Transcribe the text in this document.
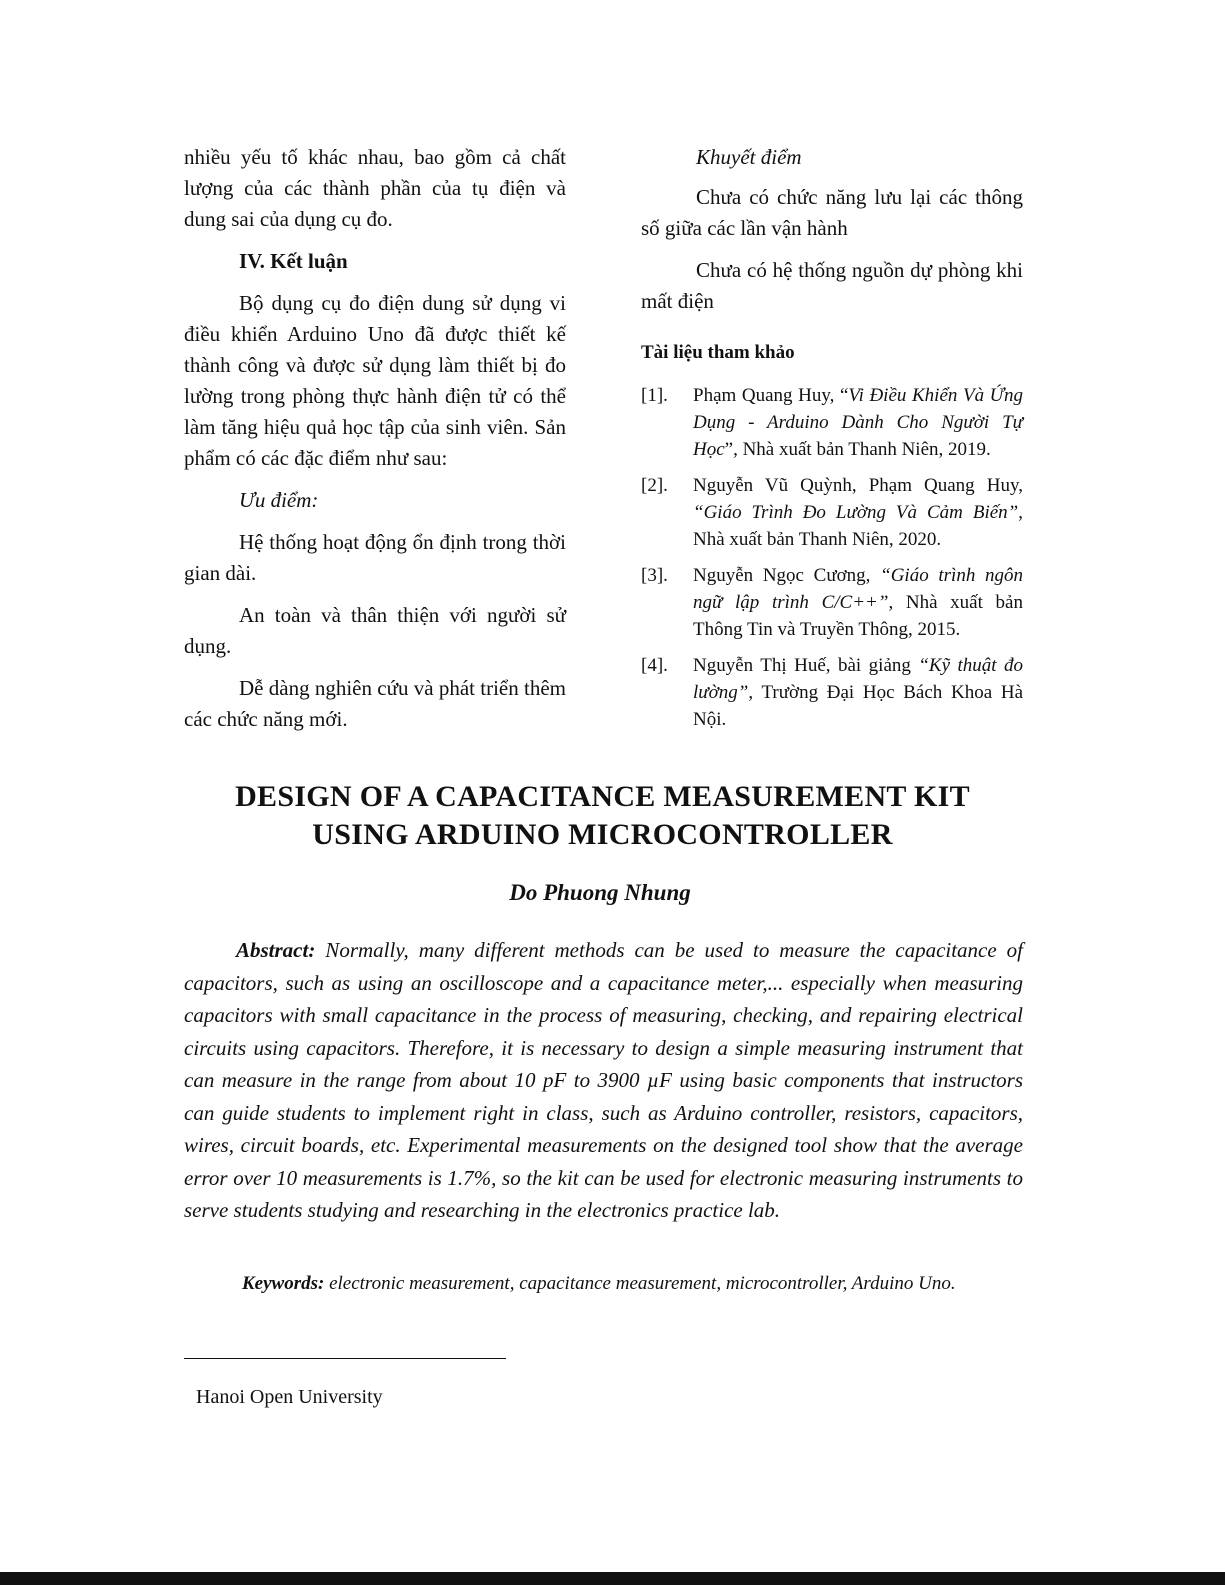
nhiều yếu tố khác nhau, bao gồm cả chất lượng của các thành phần của tụ điện và dung sai của dụng cụ đo.

IV. Kết luận

Bộ dụng cụ đo điện dung sử dụng vi điều khiển Arduino Uno đã được thiết kế thành công và được sử dụng làm thiết bị đo lường trong phòng thực hành điện tử có thể làm tăng hiệu quả học tập của sinh viên. Sản phẩm có các đặc điểm như sau:

Ưu điểm:

Hệ thống hoạt động ổn định trong thời gian dài.

An toàn và thân thiện với người sử dụng.

Dễ dàng nghiên cứu và phát triển thêm các chức năng mới.

Khuyết điểm

Chưa có chức năng lưu lại các thông số giữa các lần vận hành

Chưa có hệ thống nguồn dự phòng khi mất điện

Tài liệu tham khảo
[1].	Phạm Quang Huy, “Vi Điều Khiển Và Ứng Dụng - Arduino Dành Cho Người Tự Học”, Nhà xuất bản Thanh Niên, 2019.
[2].	Nguyễn Vũ Quỳnh, Phạm Quang Huy, “Giáo Trình Đo Lường Và Cảm Biến”, Nhà xuất bản Thanh Niên, 2020.
[3].	Nguyễn Ngọc Cương, “Giáo trình ngôn ngữ lập trình C/C++”, Nhà xuất bản Thông Tin và Truyền Thông, 2015.
[4].	Nguyễn Thị Huế, bài giảng “Kỹ thuật đo lường”, Trường Đại Học Bách Khoa Hà Nội.
DESIGN OF A CAPACITANCE MEASUREMENT KIT
USING ARDUINO MICROCONTROLLER
Do Phuong Nhung

Abstract: Normally, many different methods can be used to measure the capacitance of capacitors, such as using an oscilloscope and a capacitance meter,... especially when measuring capacitors with small capacitance in the process of measuring, checking, and repairing electrical circuits using capacitors. Therefore, it is necessary to design a simple measuring instrument that can measure in the range from about 10 pF to 3900 µF using basic components that instructors can guide students to implement right in class, such as Arduino controller, resistors, capacitors, wires, circuit boards, etc. Experimental measurements on the designed tool show that the average error over 10 measurements is 1.7%, so the kit can be used for electronic measuring instruments to serve students studying and researching in the electronics practice lab.

Keywords: electronic measurement, capacitance measurement, microcontroller, Arduino Uno.
Hanoi Open University
